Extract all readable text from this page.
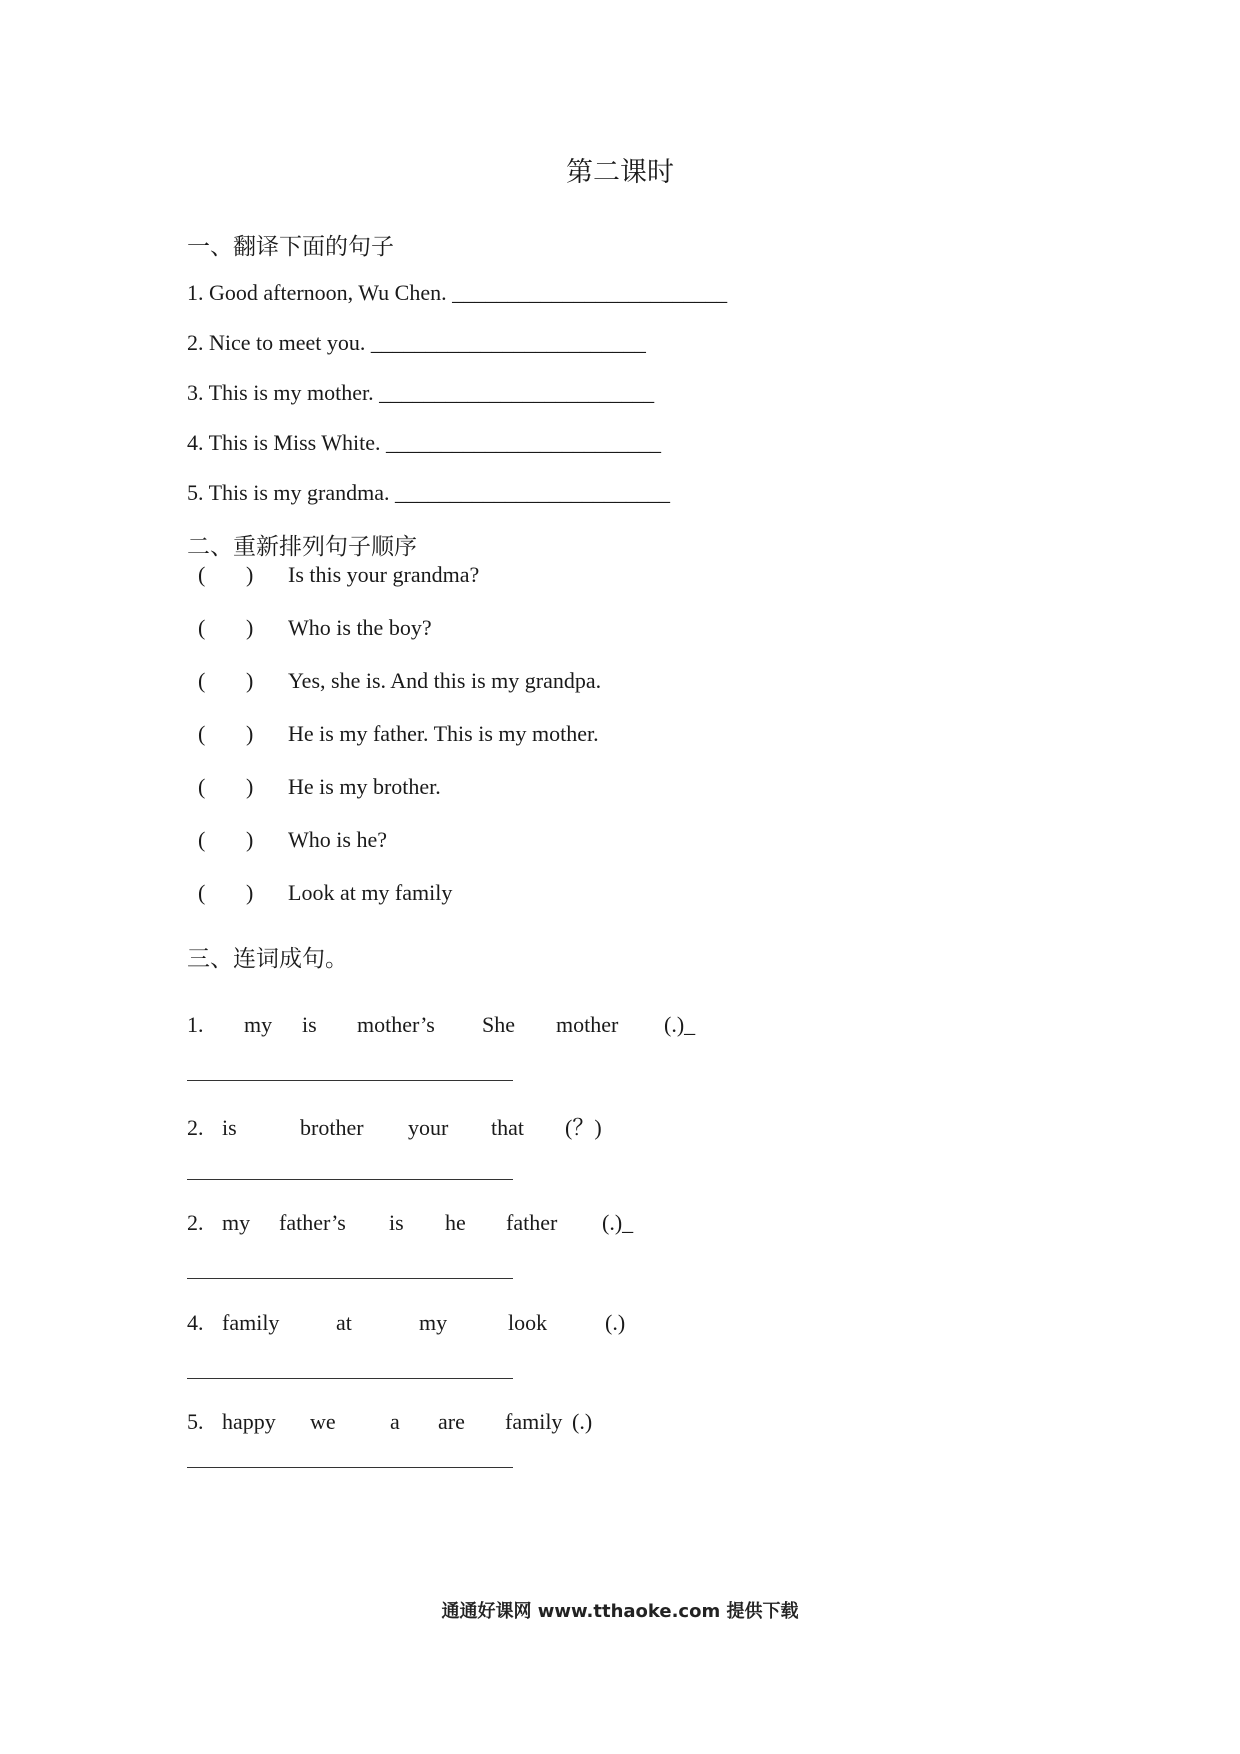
第二课时
一、翻译下面的句子
1. Good afternoon, Wu Chen. _________________________
2. Nice to meet you. _________________________
3. This is my mother. _________________________
4. This is Miss White. _________________________
5. This is my grandma. _________________________
二、重新排列句子顺序
( ) Is this your grandma?
( ) Who is the boy?
( ) Yes, she is. And this is my grandpa.
( ) He is my father. This is my mother.
( ) He is my brother.
( ) Who is he?
( ) Look at my family
三、连词成句。
1. my is mother’s She mother (.)_
2. is	brother your that (？)
2. my father’s is he father (.)_
4. family	at	my	look	(.)
5. happy we a are family (.)
通通好课网 www.tthaoke.com 提供下载
